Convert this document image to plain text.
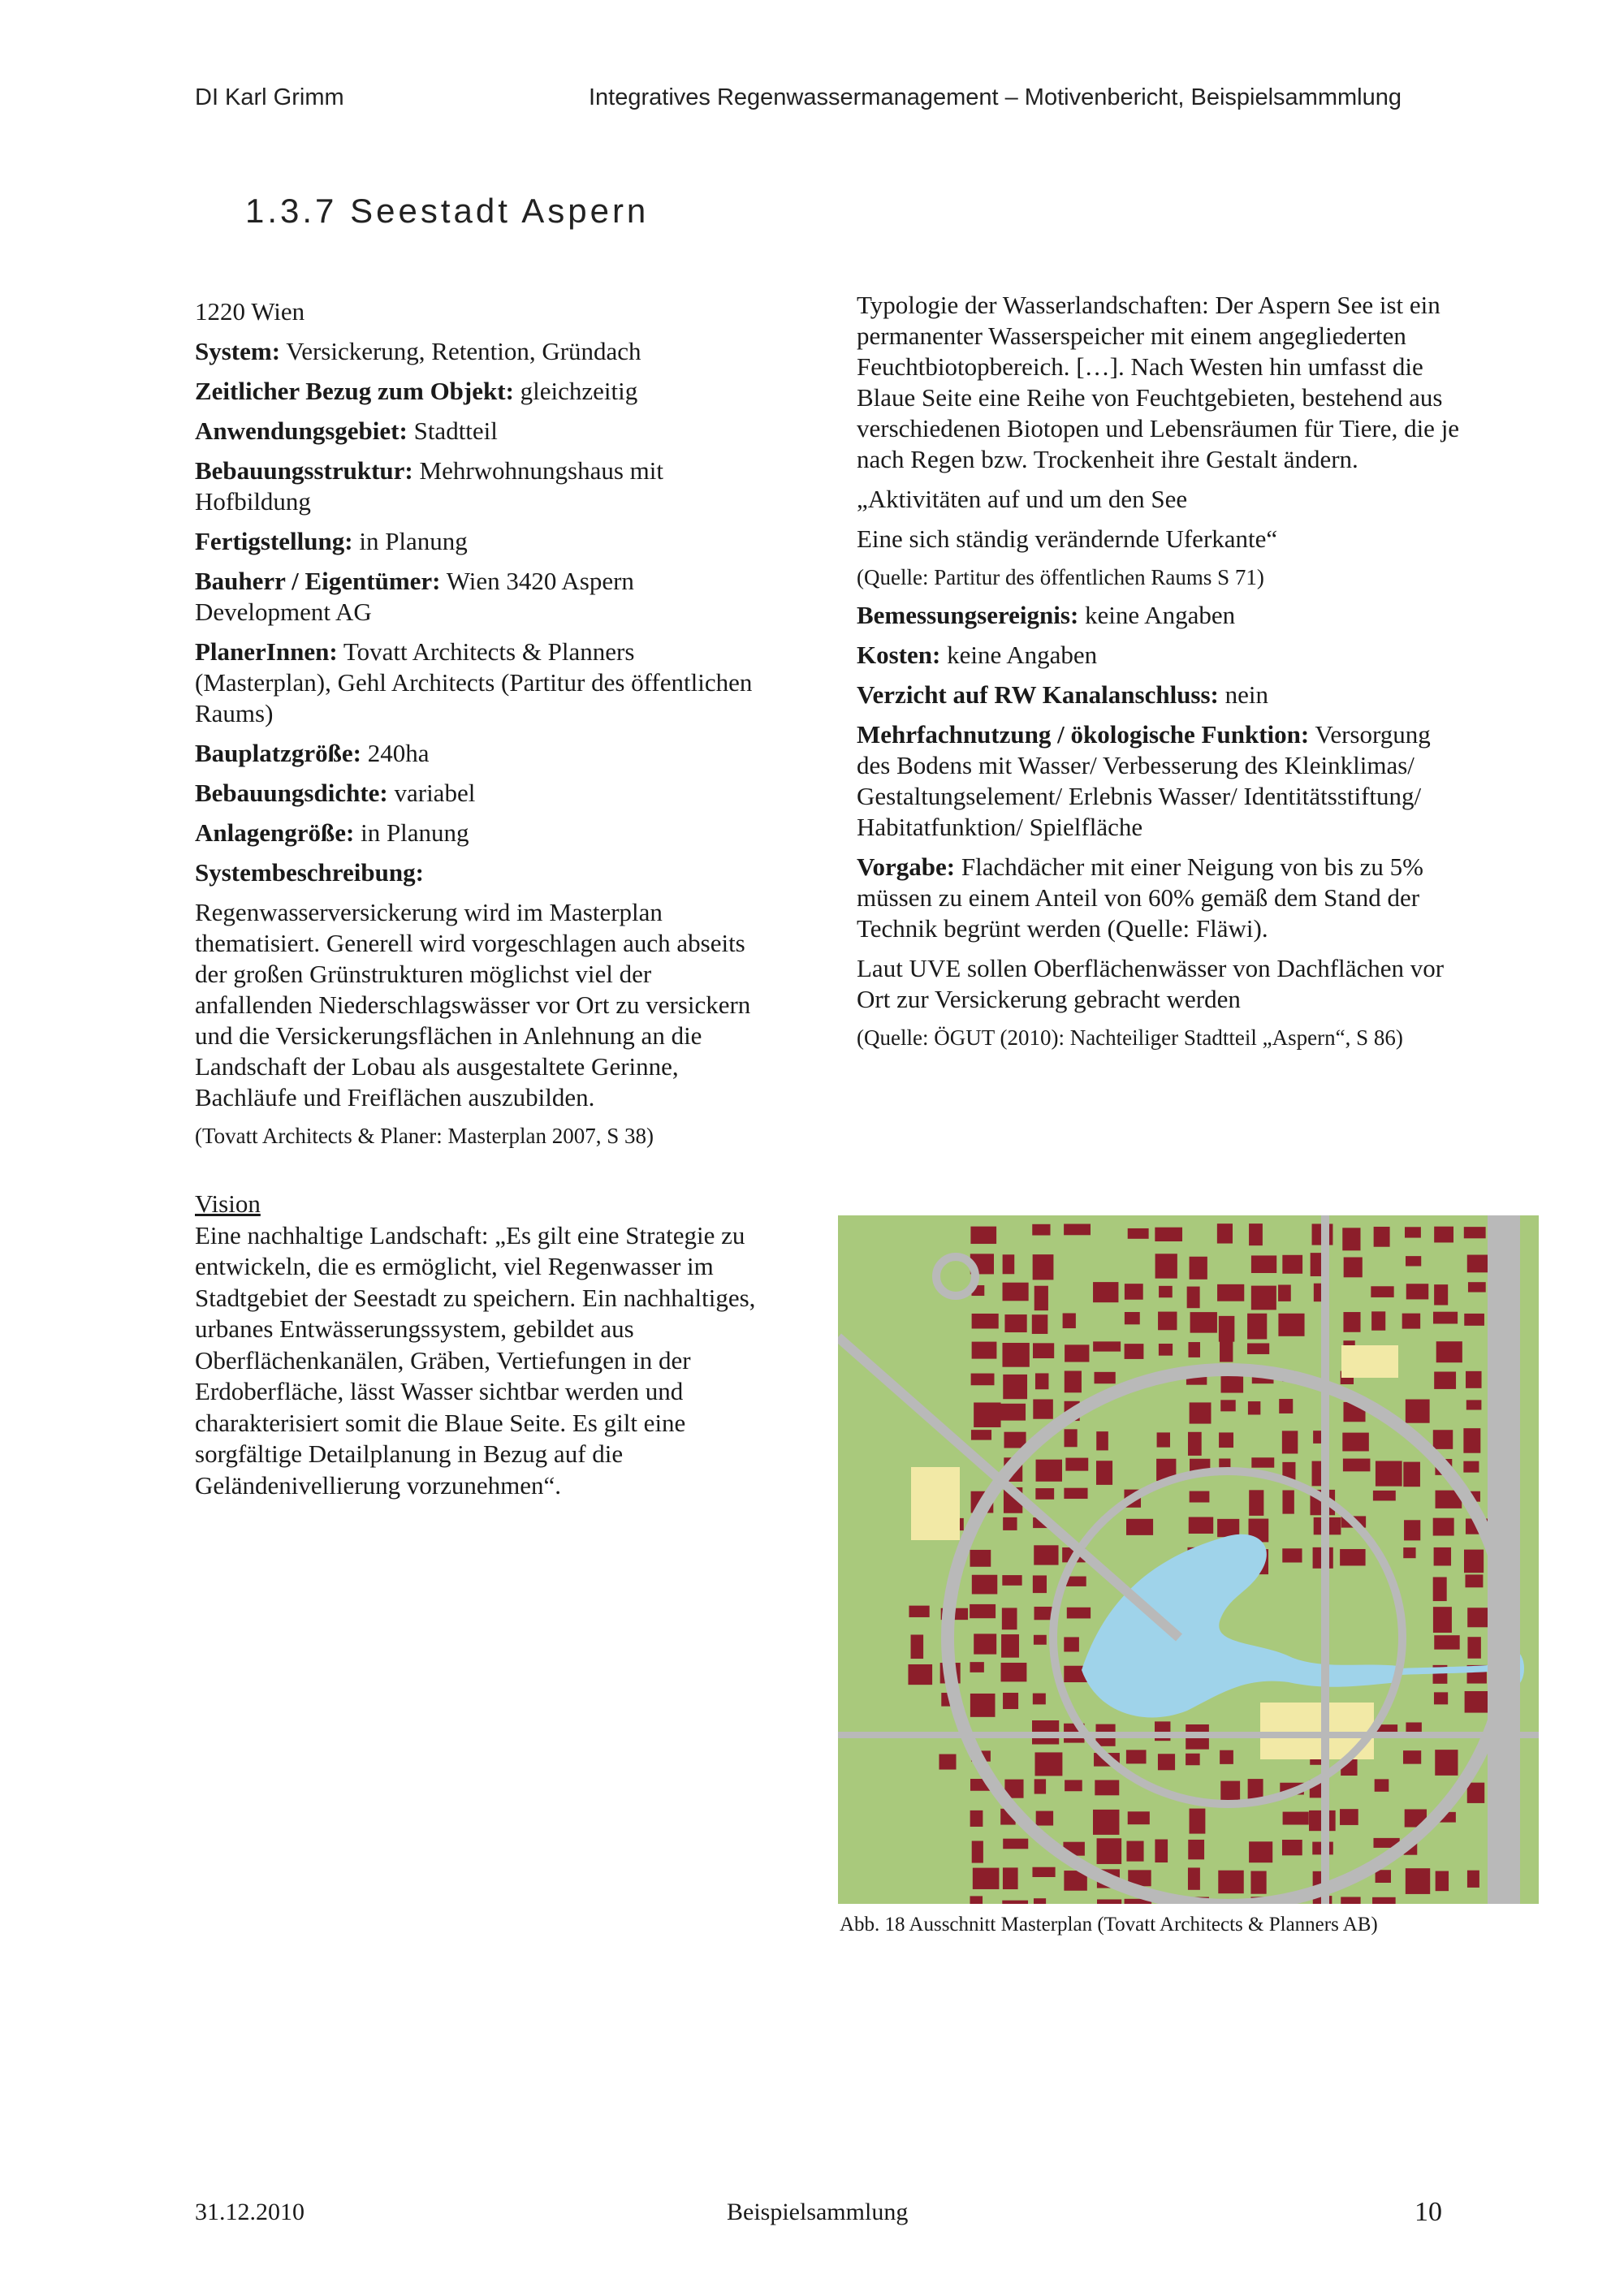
DI Karl Grimm	Integratives Regenwassermanagement – Motivenbericht, Beispielsammmlung
1.3.7 Seestadt Aspern

1220 Wien

System: Versickerung, Retention, Gründach

Zeitlicher Bezug zum Objekt: gleichzeitig

Anwendungsgebiet: Stadtteil

Bebauungsstruktur: Mehrwohnungshaus mit Hofbildung

Fertigstellung: in Planung

Bauherr / Eigentümer: Wien 3420 Aspern Development AG

PlanerInnen: Tovatt Architects & Planners (Masterplan), Gehl Architects (Partitur des öffentlichen Raums)

Bauplatzgröße: 240ha

Bebauungsdichte: variabel

Anlagengröße: in Planung

Systembeschreibung:

Regenwasserversickerung wird im Masterplan thematisiert. Generell wird vorgeschlagen auch abseits der großen Grünstrukturen möglichst viel der anfallenden Niederschlagswässer vor Ort zu versickern und die Versickerungsflächen in Anlehnung an die Landschaft der Lobau als ausgestaltete Gerinne, Bachläufe und Freiflächen auszubilden.

(Tovatt Architects & Planer: Masterplan 2007, S 38)

Vision

Eine nachhaltige Landschaft: „Es gilt eine Strategie zu entwickeln, die es ermöglicht, viel Regenwasser im Stadtgebiet der Seestadt zu speichern. Ein nachhaltiges, urbanes Entwässerungssystem, gebildet aus Oberflächenkanälen, Gräben, Vertiefungen in der Erdoberfläche, lässt Wasser sichtbar werden und charakterisiert somit die Blaue Seite. Es gilt eine sorgfältige Detailplanung in Bezug auf die Geländenivellierung vorzunehmen“.

Typologie der Wasserlandschaften: Der Aspern See ist ein permanenter Wasserspeicher mit einem angegliederten Feuchtbiotopbereich. […]. Nach Westen hin umfasst die Blaue Seite eine Reihe von Feuchtgebieten, bestehend aus verschiedenen Biotopen und Lebensräumen für Tiere, die je nach Regen bzw. Trockenheit ihre Gestalt ändern.

„Aktivitäten auf und um den See

Eine sich ständig verändernde Uferkante“

(Quelle: Partitur des öffentlichen Raums S 71)

Bemessungsereignis: keine Angaben

Kosten: keine Angaben

Verzicht auf RW Kanalanschluss: nein

Mehrfachnutzung / ökologische Funktion: Versorgung des Bodens mit Wasser/ Verbesserung des Kleinklimas/ Gestaltungselement/ Erlebnis Wasser/ Identitätsstiftung/ Habitatfunktion/ Spielfläche

Vorgabe: Flachdächer mit einer Neigung von bis zu 5% müssen zu einem Anteil von 60% gemäß dem Stand der Technik begrünt werden (Quelle: Fläwi).

Laut UVE sollen Oberflächenwässer von Dachflächen vor Ort zur Versickerung gebracht werden

(Quelle: ÖGUT (2010): Nachteiliger Stadtteil „Aspern“, S 86)

Abb. 18 Ausschnitt Masterplan (Tovatt Architects & Planners AB)
31.12.2010	Beispielsammlung	10
